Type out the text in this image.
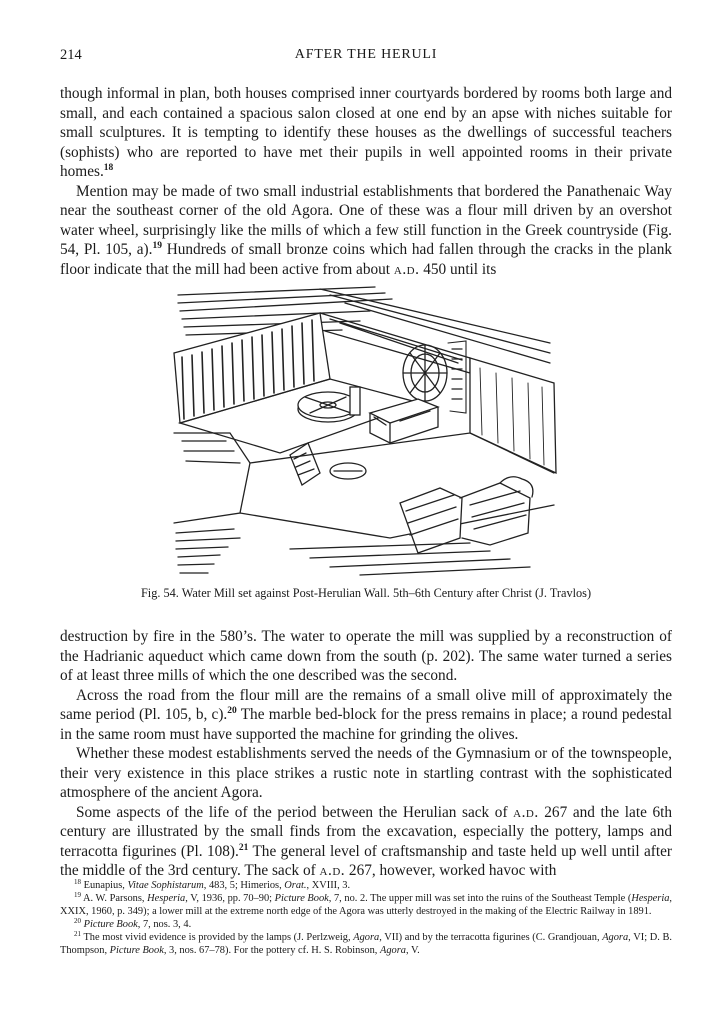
214	AFTER THE HERULI

though informal in plan, both houses comprised inner courtyards bordered by rooms both large and small, and each contained a spacious salon closed at one end by an apse with niches suitable for small sculptures. It is tempting to identify these houses as the dwellings of successful teachers (sophists) who are reported to have met their pupils in well appointed rooms in their private homes.$^{18}$

Mention may be made of two small industrial establishments that bordered the Panathenaic Way near the southeast corner of the old Agora. One of these was a flour mill driven by an overshot water wheel, surprisingly like the mills of which a few still function in the Greek countryside (Fig. 54, Pl. 105, a).$^{19}$ Hundreds of small bronze coins which had fallen through the cracks in the plank floor indicate that the mill had been active from about a.d. 450 until its

Fig. 54. Water Mill set against Post-Herulian Wall. 5th–6th Century after Christ (J. Travlos)

destruction by fire in the 580’s. The water to operate the mill was supplied by a reconstruction of the Hadrianic aqueduct which came down from the south (p. 202). The same water turned a series of at least three mills of which the one described was the second.

Across the road from the flour mill are the remains of a small olive mill of approximately the same period (Pl. 105, b, c).$^{20}$ The marble bed-block for the press remains in place; a round pedestal in the same room must have supported the machine for grinding the olives.

Whether these modest establishments served the needs of the Gymnasium or of the townspeople, their very existence in this place strikes a rustic note in startling contrast with the sophisticated atmosphere of the ancient Agora.

Some aspects of the life of the period between the Herulian sack of a.d. 267 and the late 6th century are illustrated by the small finds from the excavation, especially the pottery, lamps and terracotta figurines (Pl. 108).$^{21}$ The general level of craftsmanship and taste held up well until after the middle of the 3rd century. The sack of a.d. 267, however, worked havoc with

$^{18}$ Eunapius, Vitae Sophistarum, 483, 5; Himerios, Orat., XVIII, 3.

$^{19}$ A. W. Parsons, Hesperia, V, 1936, pp. 70–90; Picture Book, 7, no. 2. The upper mill was set into the ruins of the Southeast Temple (Hesperia, XXIX, 1960, p. 349); a lower mill at the extreme north edge of the Agora was utterly destroyed in the making of the Electric Railway in 1891.

$^{20}$ Picture Book, 7, nos. 3, 4.

$^{21}$ The most vivid evidence is provided by the lamps (J. Perlzweig, Agora, VII) and by the terracotta figurines (C. Grandjouan, Agora, VI; D. B. Thompson, Picture Book, 3, nos. 67–78). For the pottery cf. H. S. Robinson, Agora, V.
